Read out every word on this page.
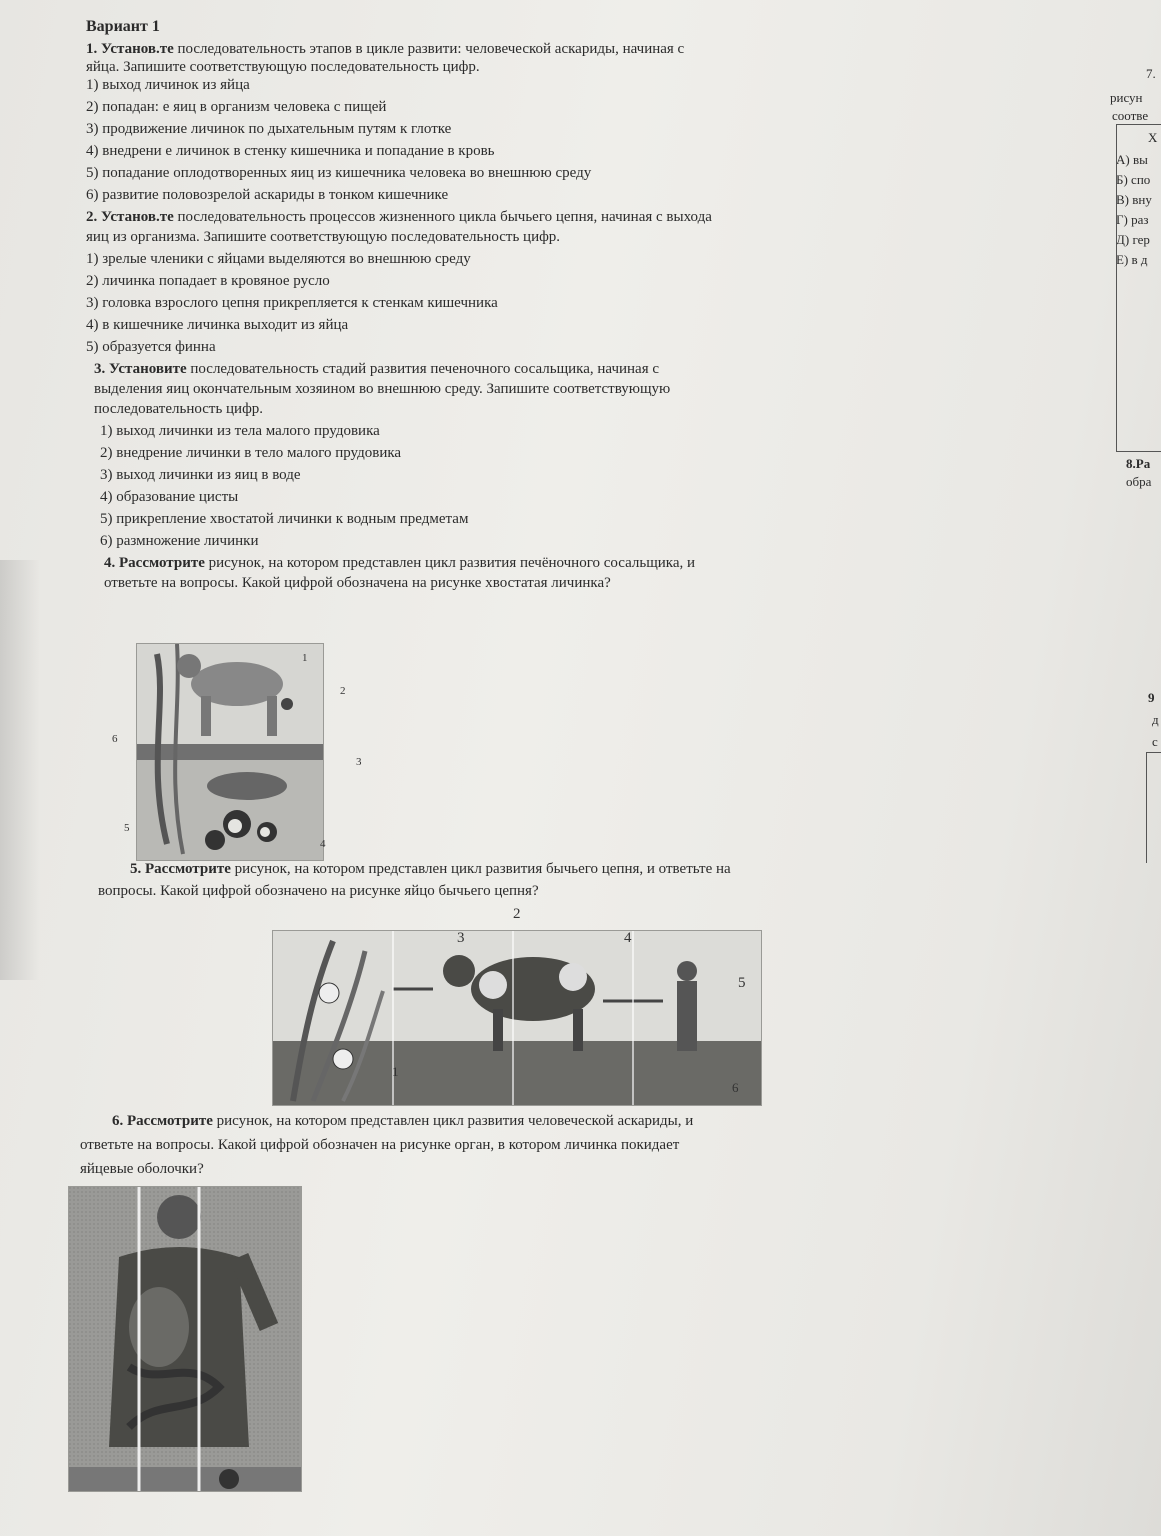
Вариант 1
1. Установ.те последовательность этапов в цикле развити: человеческой аскариды, начиная с
яйца. Запишите соответствующую последовательность цифр.
1) выход личинок из яйца
2) попадан: е яиц в организм человека с пищей
3) продвижение личинок по дыхательным путям к глотке
4) внедрени е личинок в стенку кишечника и попадание в кровь
5) попадание оплодотворенных яиц из кишечника человека во внешнюю среду
6) развитие половозрелой аскариды в тонком кишечнике
2. Установ.те последовательность процессов жизненного цикла бычьего цепня, начиная с выхода
яиц из организма. Запишите соответствующую последовательность цифр.
1) зрелые членики с яйцами выделяются во внешнюю среду
2) личинка попадает в кровяное русло
3) головка взрослого цепня прикрепляется к стенкам кишечника
4) в кишечнике личинка выходит из яйца
5) образуется финна
3. Установите последовательность стадий развития печеночного сосальщика, начиная с
выделения яиц окончательным хозяином во внешнюю среду. Запишите соответствующую
последовательность цифр.
1) выход личинки из тела малого прудовика
2) внедрение личинки в тело малого прудовика
3) выход личинки из яиц в воде
4) образование цисты
5) прикрепление хвостатой личинки к водным предметам
6) размножение личинки
4. Рассмотрите рисунок, на котором представлен цикл развития печёночного сосальщика, и
ответьте на вопросы. Какой цифрой обозначена на рисунке хвостатая личинка?
1
2
3
4
5
6
5. Рассмотрите рисунок, на котором представлен цикл развития бычьего цепня, и ответьте на
вопросы. Какой цифрой обозначено на рисунке яйцо бычьего цепня?
1
2
3	4
5
6
6. Рассмотрите рисунок, на котором представлен цикл развития человеческой аскариды, и
ответьте на вопросы. Какой цифрой обозначен на рисунке орган, в котором личинка покидает
яйцевые оболочки?
7.
рисун
соотве
Х
А) вы
Б) спо
В) вну
Г) раз
Д) гер
Е) в д
8.Ра
обра
9
д
с
